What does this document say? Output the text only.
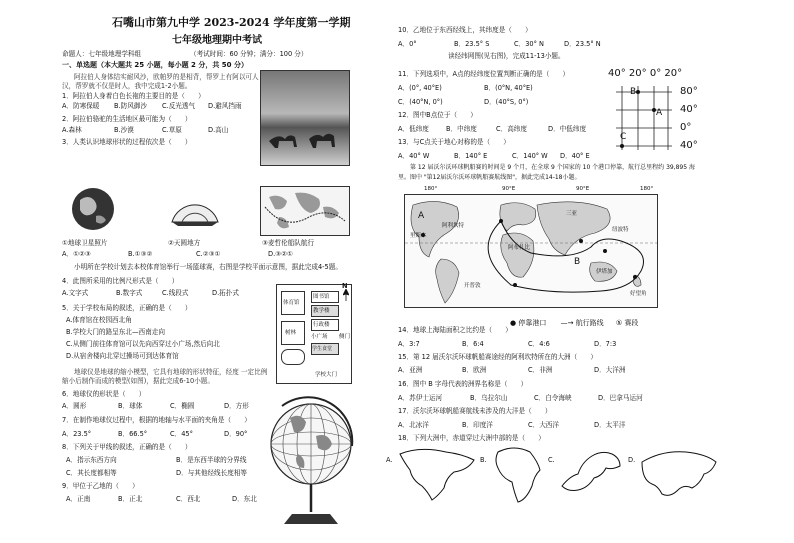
石嘴山市第九中学 2023-2024 学年度第一学期
七年级地理期中考试
命题人：七年级地理学科组	（考试时间：60 分钟；满分：100 分）
一、单选题（本大题共 25 小题，每小题 2 分，共 50 分）
阿拉伯人身体结实耐风沙，欧帕罗的是相背，帮罗上有阿以可人
汉，帮罗就不仅是时人，我中完成1-2小题。
1．阿拉伯人身着白色长袍的主要目的是（　　）
A．防寒保暖 B.防风御沙 C.反光透气 D.避风挡雨
2．阿拉伯骆驼的生活地区最可能为（　　）
A.森林	B.沙漠	C.草原	D.高山
3．人类认识地球形状的过程依次是（　　）
①地球卫星照片	②天圆地方	③麦哲伦船队航行
A．①②③	B.①③②	C.②③①	D.③②①
小明所在学校计划去本校体育馆举行一场篮球赛，右图是学校平面示意图，据此完成4-5题。
4．此图所采用的比例尺形式是（　　）
A.文字式	B.数字式	C.线段式	D.拓扑式
5．关于学校布局的叙述，正确的是（　　）
A.体育馆在校园西北角
B.学校大门的路呈东北—西南走向
C.从侧门前往体育馆可以先向西穿过小广场,然后向北
D.从宿舍楼向北穿过操场可到达体育馆
体育馆
图书馆
教学楼
行政楼
树林
小广场 侧门
学生食堂
学校大门
N
地球仪是地球的缩小模型，它具有地球的形状特征，经度 一定比例
缩小后制作而成的模型(如图)，据此完成6-10小题。
6．地球仪的形状是（　　）
A．圆形	B．球体	C．椭圆	D．方形
7．在制作地球仪过程中，根据的地轴与水平面的夹角是（　　）
A．23.5°	B．66.5°	C．45°	D．90°
8．下列关于甲线的叙述，正确的是（　　）
A．指示东西方向	B．是东西半球的分界线
C．其长度都相等	D．与其他经线长度相等
9．甲位于乙地的（　　）
A．正南	B．正北	C．西北	D．东北
10．乙地位于东西经线上，其纬度是（　　）
A．0°	B．23.5° S	C．30° N	D．23.5° N
读经纬网图(见右图)，完成11-13小题。
11．下列选项中，A点的经纬度位置判断正确的是（　　）
A．(0°, 40°E)	B．(0°N, 40°E)
C．(40°N, 0°)	D．(40°S, 0°)
12．图中B点位于（　　）
A．低纬度	B．中纬度	C．高纬度	D．中低纬度
13．与C点关于地心对称的是（　　）
A．40° W	B．140° E	C．140° W D．40° E
40° 20° 0° 20°
B
A
C
80°
40°
0°
40°
第 12 届沃尔沃环球帆船赛的时间是 9 个月，在全球 9 个国家的 10 个港口停靠，航行总里程约 39,895 海
里。图中 "第12届沃尔沃环球帆船赛航线图"，据此完成14-18小题。
180°	90°E	90°E	180°
阿利坎特
里斯本
开普敦
三亚
纽波特
阿布扎比
伊塔加
好望角
A
B
● 停靠港口 —→ 航行路线 ⑤ 赛段
14．地球上海陆面积之比约是（　　）
A．3:7	B．6:4	C．4:6	D．7:3
15．第 12 届沃尔沃环球帆船赛途经的阿利坎特所在的大洲（　　）
A．亚洲	B．欧洲	C．非洲	D．大洋洲
16．图中 B 字母代表的洲界名称是（　　）
A．苏伊士运河	B．乌拉尔山	C．白令海峡	D．巴拿马运河
17．沃尔沃环球帆船赛航线未涉及的大洋是（　　）
A．北冰洋	B．印度洋	C．大西洋	D．太平洋
18．下列大洲中，赤道穿过大洲中部的是（　　）
A.	B.	C.	D.
